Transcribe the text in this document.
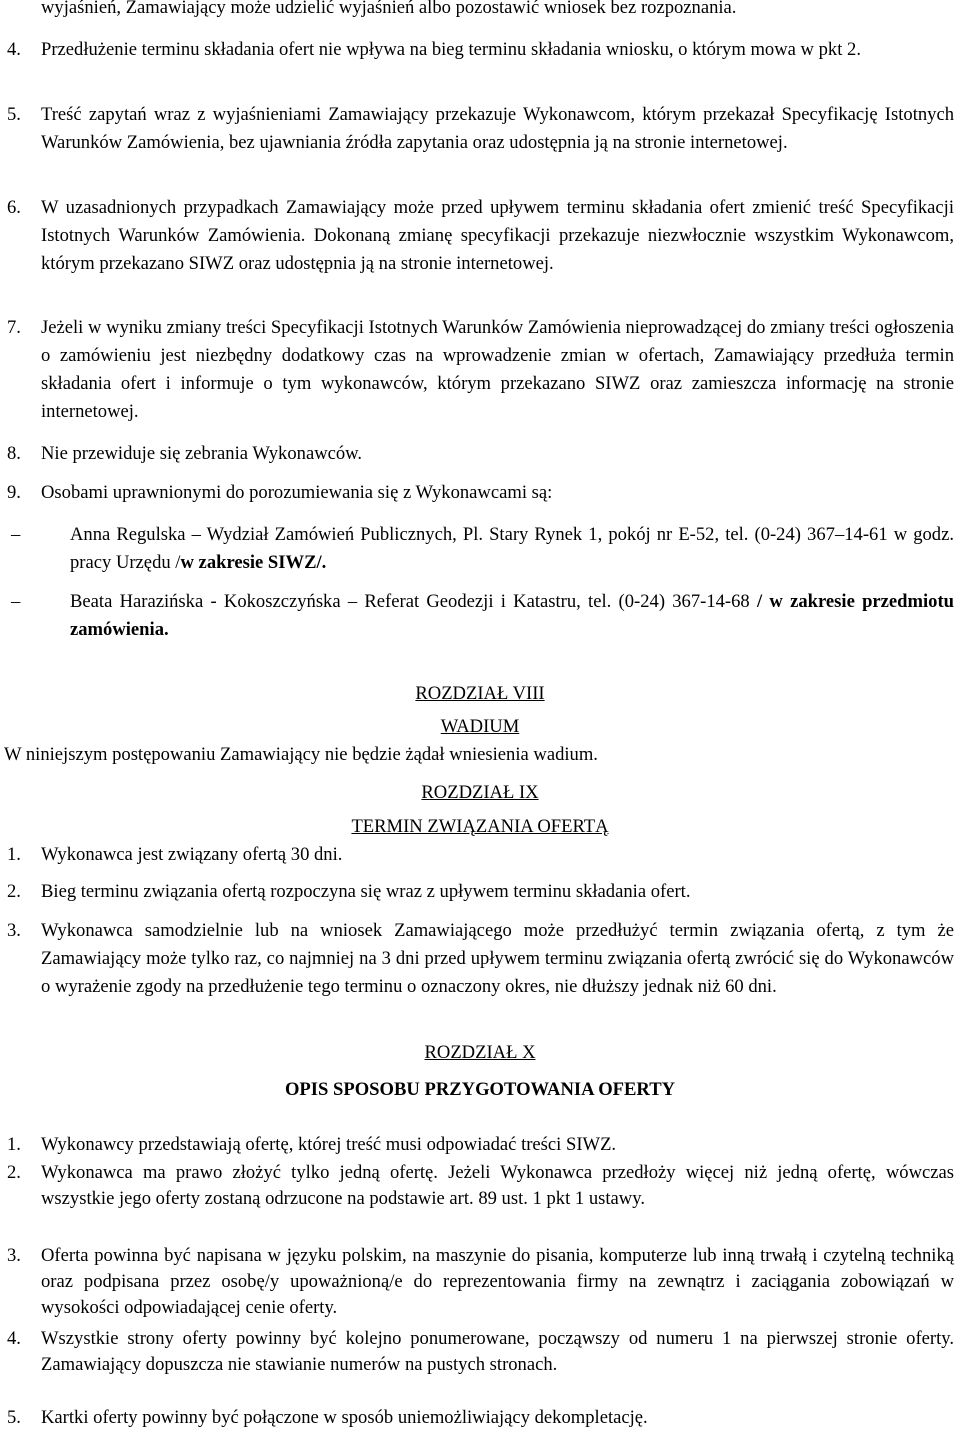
wyjaśnień, Zamawiający może udzielić wyjaśnień albo pozostawić wniosek bez rozpoznania.
4. Przedłużenie terminu składania ofert nie wpływa na bieg terminu składania wniosku, o którym mowa w pkt 2.
5. Treść zapytań wraz z wyjaśnieniami Zamawiający przekazuje Wykonawcom, którym przekazał Specyfikację Istotnych Warunków Zamówienia, bez ujawniania źródła zapytania oraz udostępnia ją na stronie internetowej.
6. W uzasadnionych przypadkach Zamawiający może przed upływem terminu składania ofert zmienić treść Specyfikacji Istotnych Warunków Zamówienia. Dokonaną zmianę specyfikacji przekazuje niezwłocznie wszystkim Wykonawcom, którym przekazano SIWZ oraz udostępnia ją na stronie internetowej.
7. Jeżeli w wyniku zmiany treści Specyfikacji Istotnych Warunków Zamówienia nieprowadzącej do zmiany treści ogłoszenia o zamówieniu jest niezbędny dodatkowy czas na wprowadzenie zmian w ofertach, Zamawiający przedłuża termin składania ofert i informuje o tym wykonawców, którym przekazano SIWZ oraz zamieszcza informację na stronie internetowej.
8. Nie przewiduje się zebrania Wykonawców.
9. Osobami uprawnionymi do porozumiewania się z Wykonawcami są:
–	Anna Regulska – Wydział Zamówień Publicznych, Pl. Stary Rynek 1, pokój nr E-52, tel. (0-24) 367–14-61 w godz. pracy Urzędu /w zakresie SIWZ/.
–	Beata Harazińska - Kokoszczyńska – Referat Geodezji i Katastru, tel. (0-24) 367-14-68 / w zakresie przedmiotu zamówienia.
ROZDZIAŁ VIII
WADIUM
W niniejszym postępowaniu Zamawiający nie będzie żądał wniesienia wadium.
ROZDZIAŁ IX
TERMIN ZWIĄZANIA OFERTĄ
1. Wykonawca jest związany ofertą 30 dni.
2. Bieg terminu związania ofertą rozpoczyna się wraz z upływem terminu składania ofert.
3. Wykonawca samodzielnie lub na wniosek Zamawiającego może przedłużyć termin związania ofertą, z tym że Zamawiający może tylko raz, co najmniej na 3 dni przed upływem terminu związania ofertą zwrócić się do Wykonawców o wyrażenie zgody na przedłużenie tego terminu o oznaczony okres, nie dłuższy jednak niż 60 dni.
ROZDZIAŁ X
OPIS SPOSOBU PRZYGOTOWANIA OFERTY
1. Wykonawcy przedstawiają ofertę, której treść musi odpowiadać treści SIWZ.
2. Wykonawca ma prawo złożyć tylko jedną ofertę. Jeżeli Wykonawca przedłoży więcej niż jedną ofertę, wówczas wszystkie jego oferty zostaną odrzucone na podstawie art. 89 ust. 1 pkt 1 ustawy.
3. Oferta powinna być napisana w języku polskim, na maszynie do pisania, komputerze lub inną trwałą i czytelną techniką oraz podpisana przez osobę/y upoważnioną/e do reprezentowania firmy na zewnątrz i zaciągania zobowiązań w wysokości odpowiadającej cenie oferty.
4. Wszystkie strony oferty powinny być kolejno ponumerowane, począwszy od numeru 1 na pierwszej stronie oferty. Zamawiający dopuszcza nie stawianie numerów na pustych stronach.
5. Kartki oferty powinny być połączone w sposób uniemożliwiający dekompletację.
